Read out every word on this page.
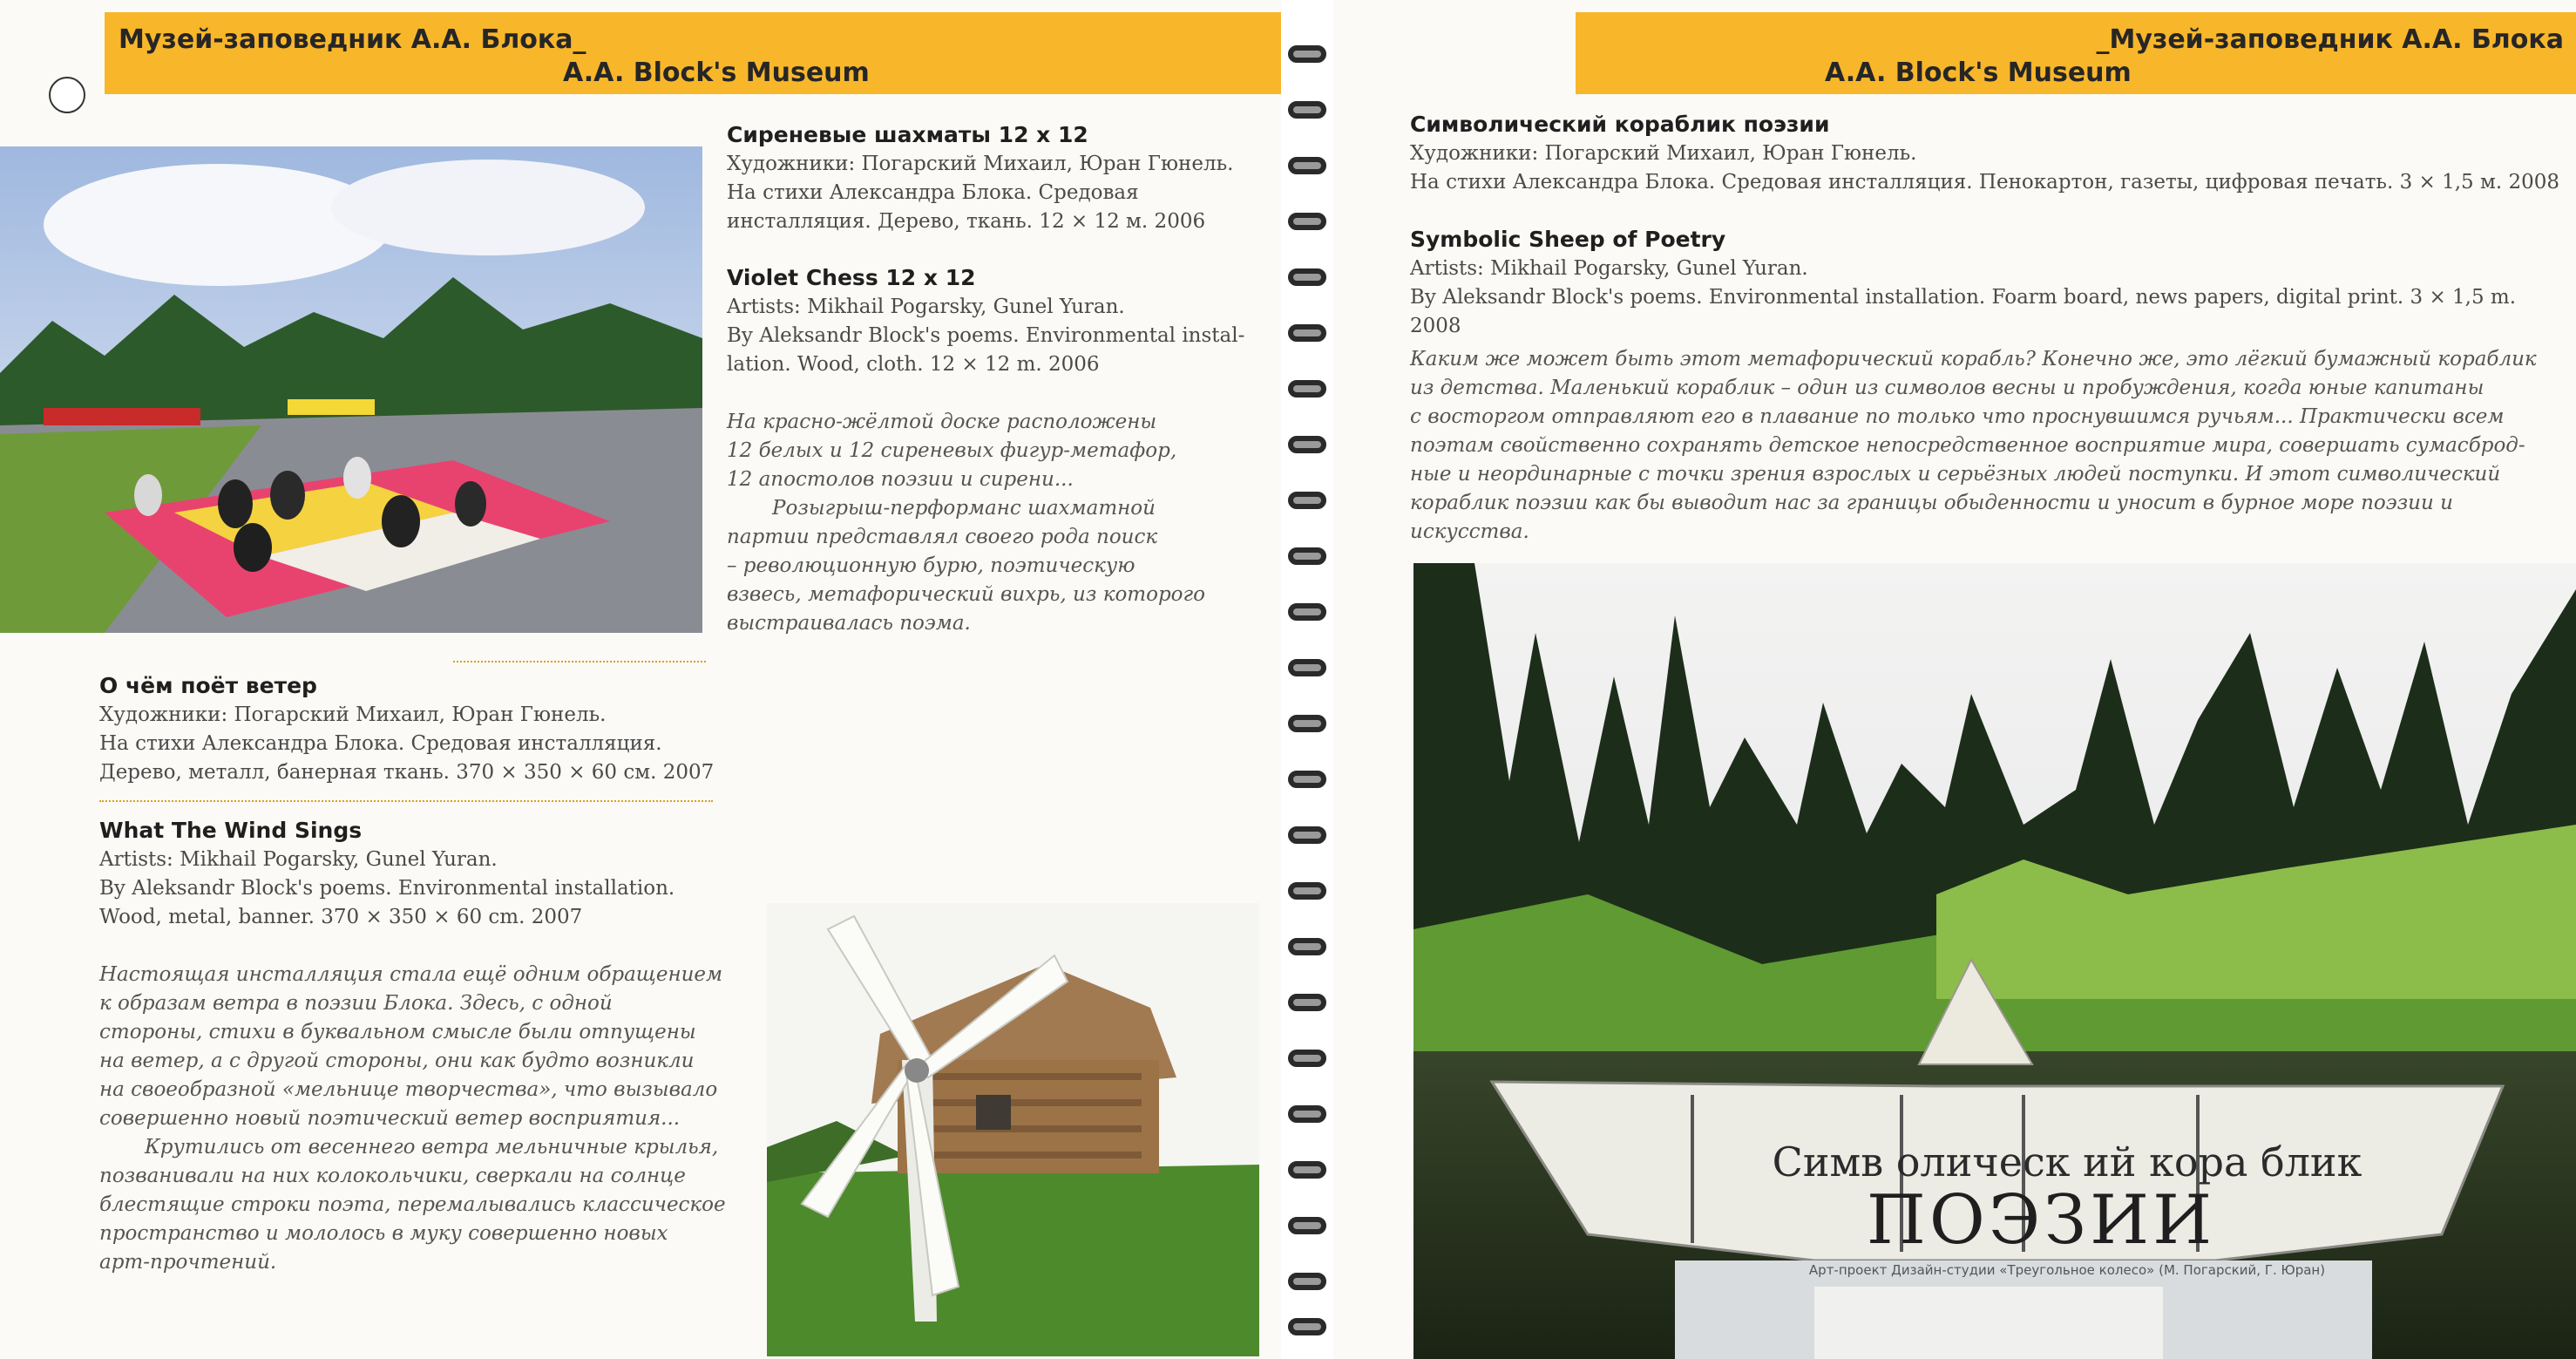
Музей-заповедник А.А. Блока_
A.A. Block's Museum
Сиреневые шахматы 12 х 12
Художники: Погарский Михаил, Юран Гюнель.
На стихи Александра Блока. Средовая
инсталляция. Дерево, ткань. 12 × 12 м. 2006
Violet Chess 12 х 12
Artists: Mikhail Pogarsky, Gunel Yuran.
By Aleksandr Block's poems. Environmental instal-
lation. Wood, cloth. 12 × 12 m. 2006
На красно-жёлтой доске расположены
12 белых и 12 сиреневых фигур-метафор,
12 апостолов поэзии и сирени...
Розыгрыш-перформанс шахматной
партии представлял своего рода поиск
– революционную бурю, поэтическую
взвесь, метафорический вихрь, из которого
выстраивалась поэма.
О чём поёт ветер
Художники: Погарский Михаил, Юран Гюнель.
На стихи Александра Блока. Средовая инсталляция.
Дерево, металл, банерная ткань. 370 × 350 × 60 см. 2007
What The Wind Sings
Artists: Mikhail Pogarsky, Gunel Yuran.
By Aleksandr Block's poems. Environmental installation.
Wood, metal, banner. 370 × 350 × 60 cm. 2007
Настоящая инсталляция стала ещё одним обращением
к образам ветра в поэзии Блока. Здесь, с одной
стороны, стихи в буквальном смысле были отпущены
на ветер, а с другой стороны, они как будто возникли
на своеобразной «мельнице творчества», что вызывало
совершенно новый поэтический ветер восприятия...
Крутились от весеннего ветра мельничные крылья,
позванивали на них колокольчики, сверкали на солнце
блестящие строки поэта, перемалывались классическое
пространство и мололось в муку совершенно новых
арт-прочтений.
_Музей-заповедник А.А. Блока
A.A. Block's Museum
Символический кораблик поэзии
Художники: Погарский Михаил, Юран Гюнель.
На стихи Александра Блока. Средовая инсталляция. Пенокартон, газеты, цифровая печать. 3 × 1,5 м. 2008
Symbolic Sheep of Poetry
Artists: Mikhail Pogarsky, Gunel Yuran.
By Aleksandr Block's poems. Environmental installation. Foarm board, news papers, digital print. 3 × 1,5 m.
2008
Каким же может быть этот метафорический корабль? Конечно же, это лёгкий бумажный кораблик
из детства. Маленький кораблик – один из символов весны и пробуждения, когда юные капитаны
с восторгом отправляют его в плавание по только что проснувшимся ручьям... Практически всем
поэтам свойственно сохранять детское непосредственное восприятие мира, совершать сумасброд-
ные и неординарные с точки зрения взрослых и серьёзных людей поступки. И этот символический
кораблик поэзии как бы выводит нас за границы обыденности и уносит в бурное море поэзии и
искусства.
Симв олическ ий кора блик
ПОЭЗИИ
Арт-проект Дизайн-студии «Треугольное колесо» (М. Погарский, Г. Юран)
